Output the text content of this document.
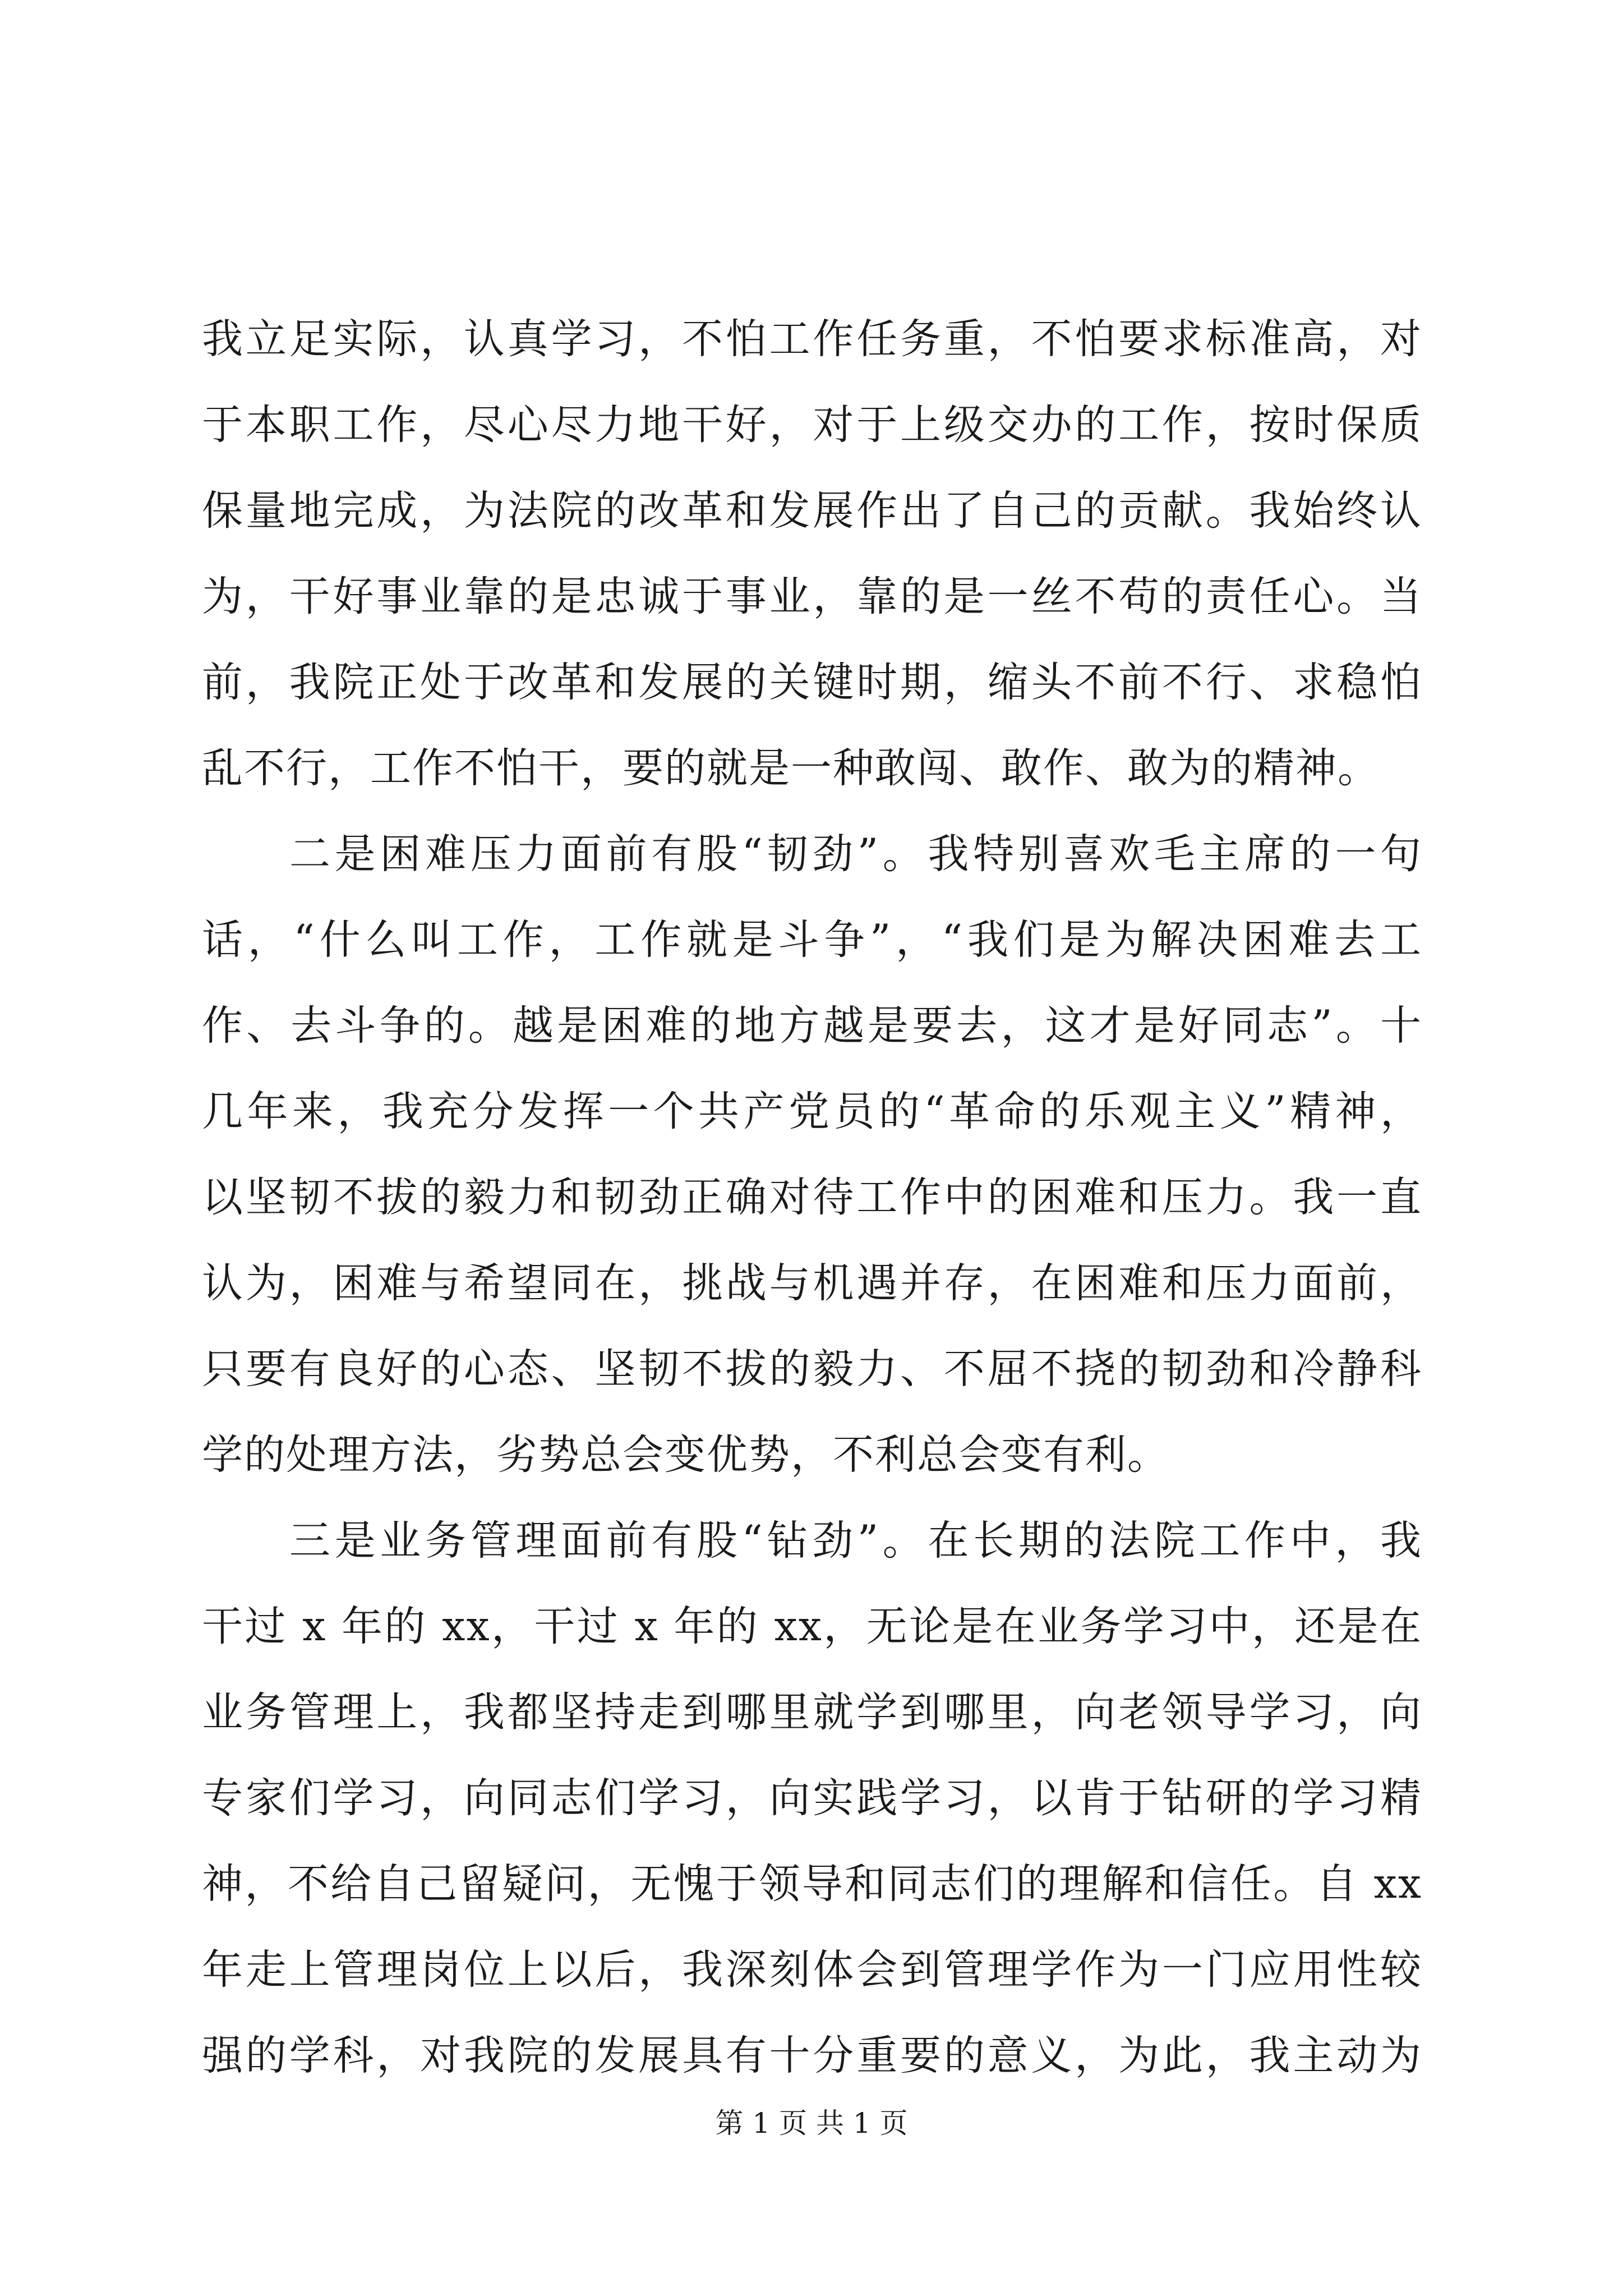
我立足实际，认真学习，不怕工作任务重，不怕要求标准高，对
于本职工作，尽心尽力地干好，对于上级交办的工作，按时保质
保量地完成，为法院的改革和发展作出了自己的贡献。我始终认
为，干好事业靠的是忠诚于事业，靠的是一丝不苟的责任心。当
前，我院正处于改革和发展的关键时期，缩头不前不行、求稳怕
乱不行，工作不怕干，要的就是一种敢闯、敢作、敢为的精神。
二是困难压力面前有股“韧劲”。我特别喜欢毛主席的一句
话，“什么叫工作，工作就是斗争”，“我们是为解决困难去工
作、去斗争的。越是困难的地方越是要去，这才是好同志”。十
几年来，我充分发挥一个共产党员的“革命的乐观主义”精神，
以坚韧不拔的毅力和韧劲正确对待工作中的困难和压力。我一直
认为，困难与希望同在，挑战与机遇并存，在困难和压力面前，
只要有良好的心态、坚韧不拔的毅力、不屈不挠的韧劲和冷静科
学的处理方法，劣势总会变优势，不利总会变有利。
三是业务管理面前有股“钻劲”。在长期的法院工作中，我
干过 x 年的 xx，干过 x 年的 xx，无论是在业务学习中，还是在
业务管理上，我都坚持走到哪里就学到哪里，向老领导学习，向
专家们学习，向同志们学习，向实践学习，以肯于钻研的学习精
神，不给自己留疑问，无愧于领导和同志们的理解和信任。自 xx
年走上管理岗位上以后，我深刻体会到管理学作为一门应用性较
强的学科，对我院的发展具有十分重要的意义，为此，我主动为
第 1 页 共 1 页
